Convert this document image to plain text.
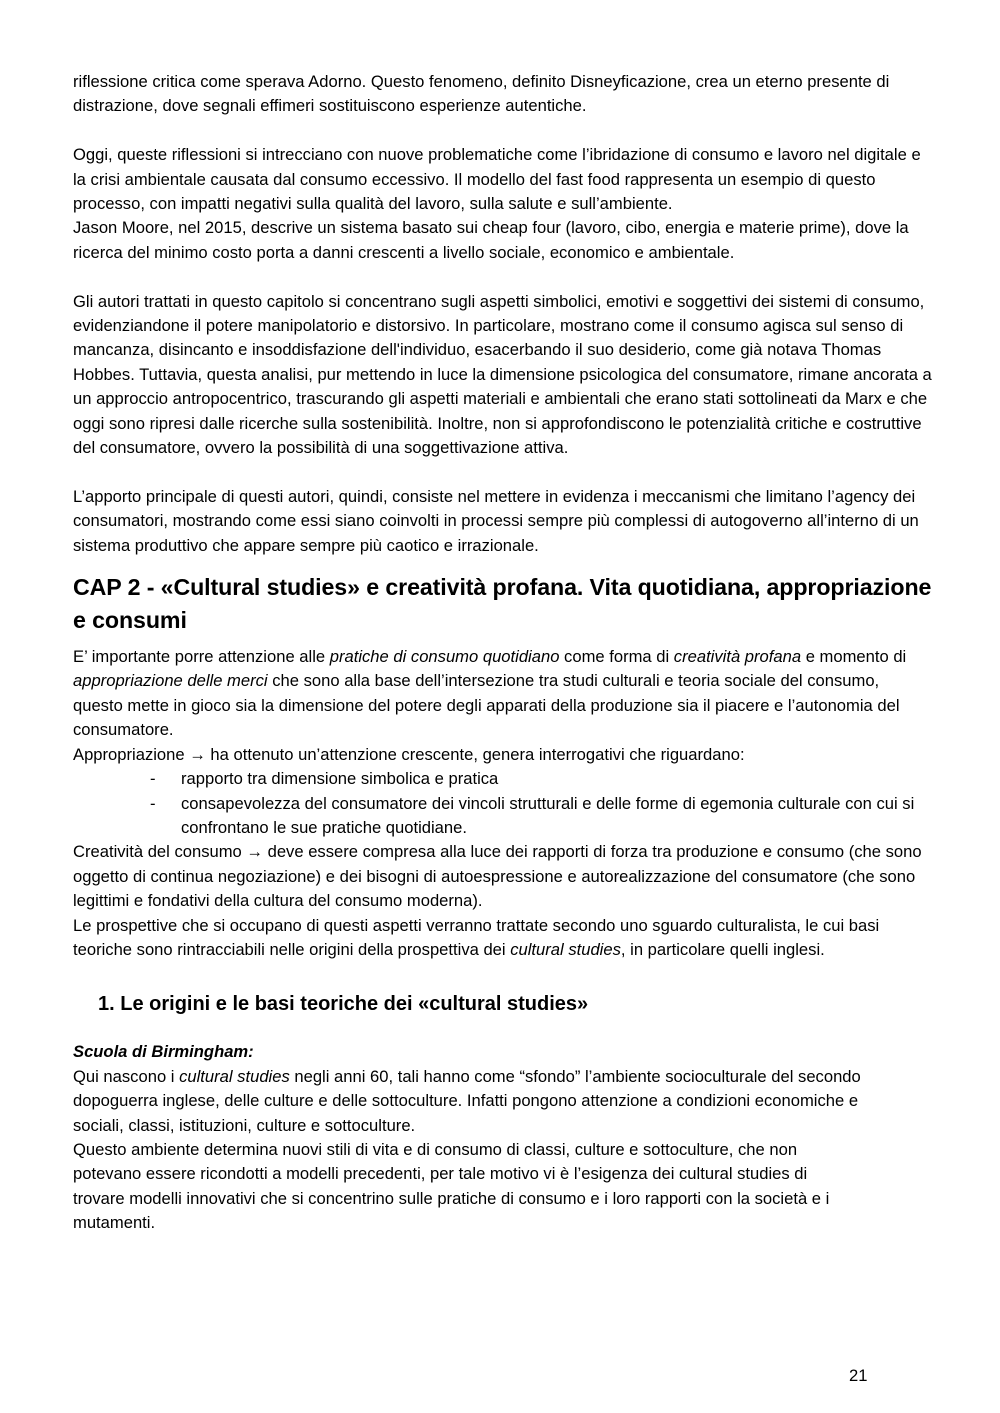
riflessione critica come sperava Adorno. Questo fenomeno, definito Disneyficazione, crea un eterno presente di distrazione, dove segnali effimeri sostituiscono esperienze autentiche.

Oggi, queste riflessioni si intrecciano con nuove problematiche come l’ibridazione di consumo e lavoro nel digitale e la crisi ambientale causata dal consumo eccessivo. Il modello del fast food rappresenta un esempio di questo processo, con impatti negativi sulla qualità del lavoro, sulla salute e sull’ambiente.

Jason Moore, nel 2015, descrive un sistema basato sui cheap four (lavoro, cibo, energia e materie prime), dove la ricerca del minimo costo porta a danni crescenti a livello sociale, economico e ambientale.

Gli autori trattati in questo capitolo si concentrano sugli aspetti simbolici, emotivi e soggettivi dei sistemi di consumo, evidenziandone il potere manipolatorio e distorsivo. In particolare, mostrano come il consumo agisca sul senso di mancanza, disincanto e insoddisfazione dell'individuo, esacerbando il suo desiderio, come già notava Thomas Hobbes. Tuttavia, questa analisi, pur mettendo in luce la dimensione psicologica del consumatore, rimane ancorata a un approccio antropocentrico, trascurando gli aspetti materiali e ambientali che erano stati sottolineati da Marx e che oggi sono ripresi dalle ricerche sulla sostenibilità. Inoltre, non si approfondiscono le potenzialità critiche e costruttive del consumatore, ovvero la possibilità di una soggettivazione attiva.

L’apporto principale di questi autori, quindi, consiste nel mettere in evidenza i meccanismi che limitano l’agency dei consumatori, mostrando come essi siano coinvolti in processi sempre più complessi di autogoverno all’interno di un sistema produttivo che appare sempre più caotico e irrazionale.

CAP 2 - «Cultural studies» e creatività profana. Vita quotidiana, appropriazione e consumi

E’ importante porre attenzione alle pratiche di consumo quotidiano come forma di creatività profana e momento di appropriazione delle merci che sono alla base dell’intersezione tra studi culturali e teoria sociale del consumo, questo mette in gioco sia la dimensione del potere degli apparati della produzione sia il piacere e l’autonomia del consumatore.

Appropriazione → ha ottenuto un’attenzione crescente, genera interrogativi che riguardano:

- rapporto tra dimensione simbolica e pratica
- consapevolezza del consumatore dei vincoli strutturali e delle forme di egemonia culturale con cui si confrontano le sue pratiche quotidiane.

Creatività del consumo → deve essere compresa alla luce dei rapporti di forza tra produzione e consumo (che sono oggetto di continua negoziazione) e dei bisogni di autoespressione e autorealizzazione del consumatore (che sono legittimi e fondativi della cultura del consumo moderna).

Le prospettive che si occupano di questi aspetti verranno trattate secondo uno sguardo culturalista, le cui basi teoriche sono rintracciabili nelle origini della prospettiva dei cultural studies, in particolare quelli inglesi.

1. Le origini e le basi teoriche dei «cultural studies»

Scuola di Birmingham:

Qui nascono i cultural studies negli anni 60, tali hanno come “sfondo” l’ambiente socioculturale del secondo dopoguerra inglese, delle culture e delle sottoculture. Infatti pongono attenzione a condizioni economiche e sociali, classi, istituzioni, culture e sottoculture.

Questo ambiente determina nuovi stili di vita e di consumo di classi, culture e sottoculture, che non potevano essere ricondotti a modelli precedenti, per tale motivo vi è l’esigenza dei cultural studies di trovare modelli innovativi che si concentrino sulle pratiche di consumo e i loro rapporti con la società e i mutamenti.

21
